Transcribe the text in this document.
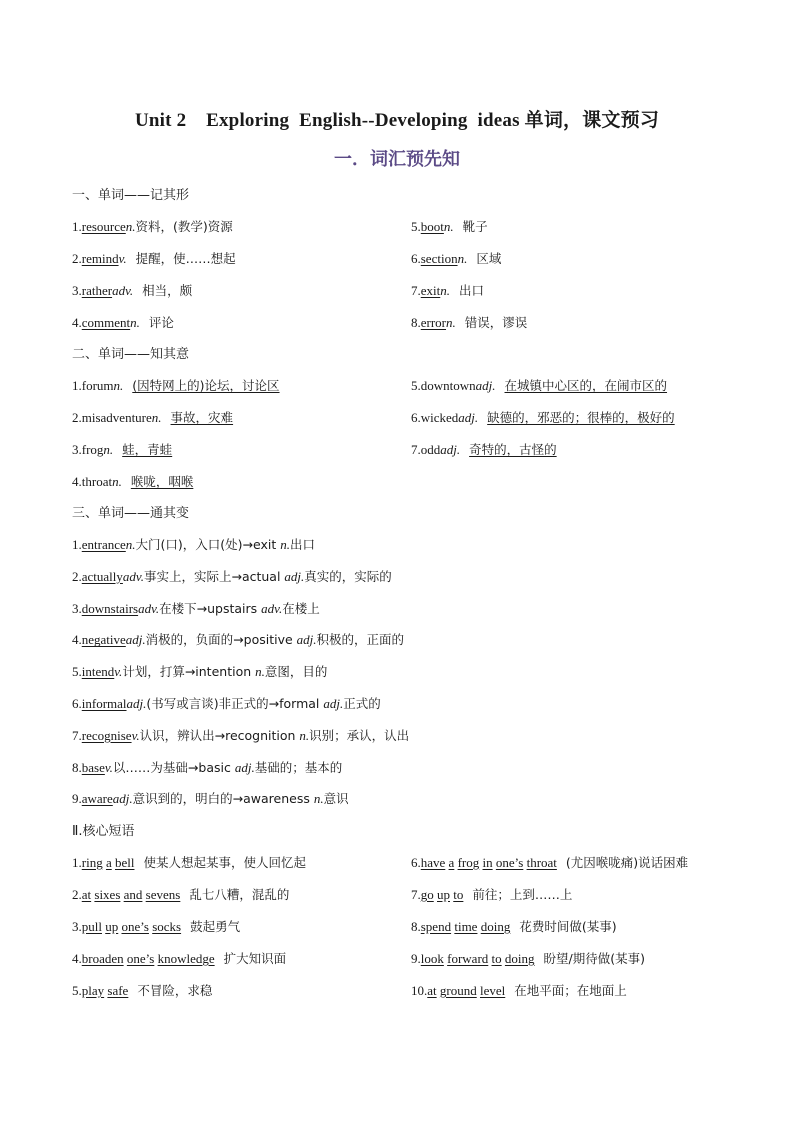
Unit 2    Exploring  English--Developing  ideas 单词，课文预习
一．词汇预先知
一、单词——记其形
1.resourcen.资料，(教学)资源
2.remindv. 提醒，使……想起
3.ratheradv. 相当，颇
4.commentn. 评论
5.bootn. 靴子
6.sectionn. 区域
7.exitn. 出口
8.errorn. 错误，谬误
二、单词——知其意
1.forumn. (因特网上的)论坛，讨论区
2.misadventuren. 事故，灾难
3.frogn. 蛙，青蛙
4.throatn. 喉咙，咽喉
5.downtownadj. 在城镇中心区的，在闹市区的
6.wickedadj. 缺德的，邪恶的；很棒的，极好的
7.oddadj. 奇特的，古怪的
三、单词——通其变
1.entrancen.大门(口)，入口(处)→exit n.出口
2.actuallyadv.事实上，实际上→actual adj.真实的，实际的
3.downstairsadv.在楼下→upstairs adv.在楼上
4.negativeadj.消极的，负面的→positive adj.积极的，正面的
5.intendv.计划，打算→intention n.意图，目的
6.informaladj.(书写或言谈)非正式的→formal adj.正式的
7.recognisev.认识，辨认出→recognition n.识别；承认，认出
8.basev.以……为基础→basic adj.基础的；基本的
9.awareadj.意识到的，明白的→awareness n.意识
Ⅱ.核心短语
1.ring a bell 使某人想起某事，使人回忆起
2.at sixes and sevens 乱七八糟，混乱的
3.pull up one’s socks 鼓起勇气
4.broaden one’s knowledge 扩大知识面
5.play safe 不冒险，求稳
6.have a frog in one’s throat (尤因喉咙痛)说话困难
7.go up to 前往；上到……上
8.spend time doing 花费时间做(某事)
9.look forward to doing 盼望/期待做(某事)
10.at ground level 在地平面；在地面上
